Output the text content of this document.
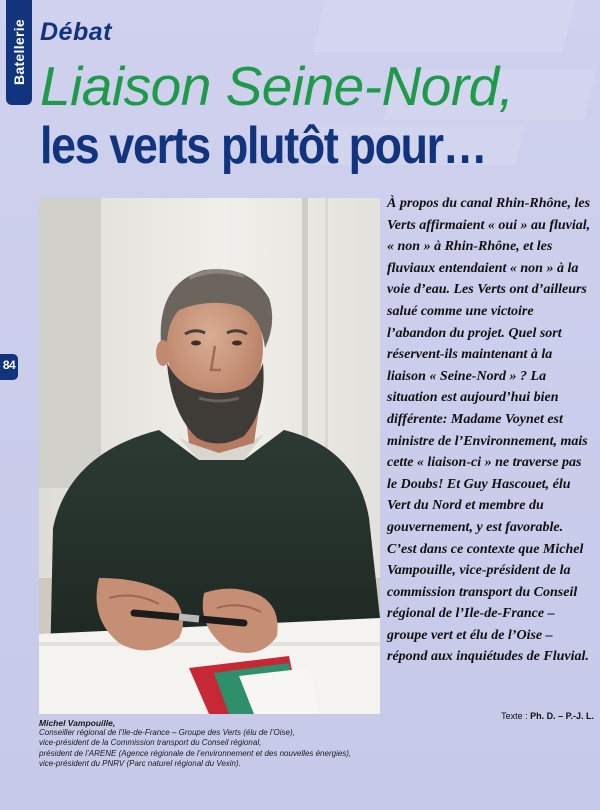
Batellerie
84
Débat
Liaison Seine-Nord,
les verts plutôt pour…

À propos du canal Rhin-Rhône, les Verts affirmaient « oui » au fluvial, « non » à Rhin-Rhône, et les fluviaux entendaient « non » à la voie d’eau. Les Verts ont d’ailleurs salué comme une victoire l’abandon du projet. Quel sort réservent-ils maintenant à la liaison « Seine-Nord » ? La situation est aujourd’hui bien différente: Madame Voynet est ministre de l’Environnement, mais cette « liaison-ci » ne traverse pas le Doubs! Et Guy Hascouet, élu Vert du Nord et membre du gouvernement, y est favorable. C’est dans ce contexte que Michel Vampouille, vice-président de la commission transport du Conseil régional de l’Ile-de-France – groupe vert et élu de l’Oise – répond aux inquiétudes de Fluvial.

Texte : Ph. D. – P.-J. L.
Michel Vampouille,
Conseiller régional de l’Ile-de-France – Groupe des Verts (élu de l’Oise),
vice-président de la Commission transport du Conseil régional,
président de l’ARENE (Agence régionale de l’environnement et des nouvelles énergies),
vice-président du PNRV (Parc naturel régional du Vexin).
